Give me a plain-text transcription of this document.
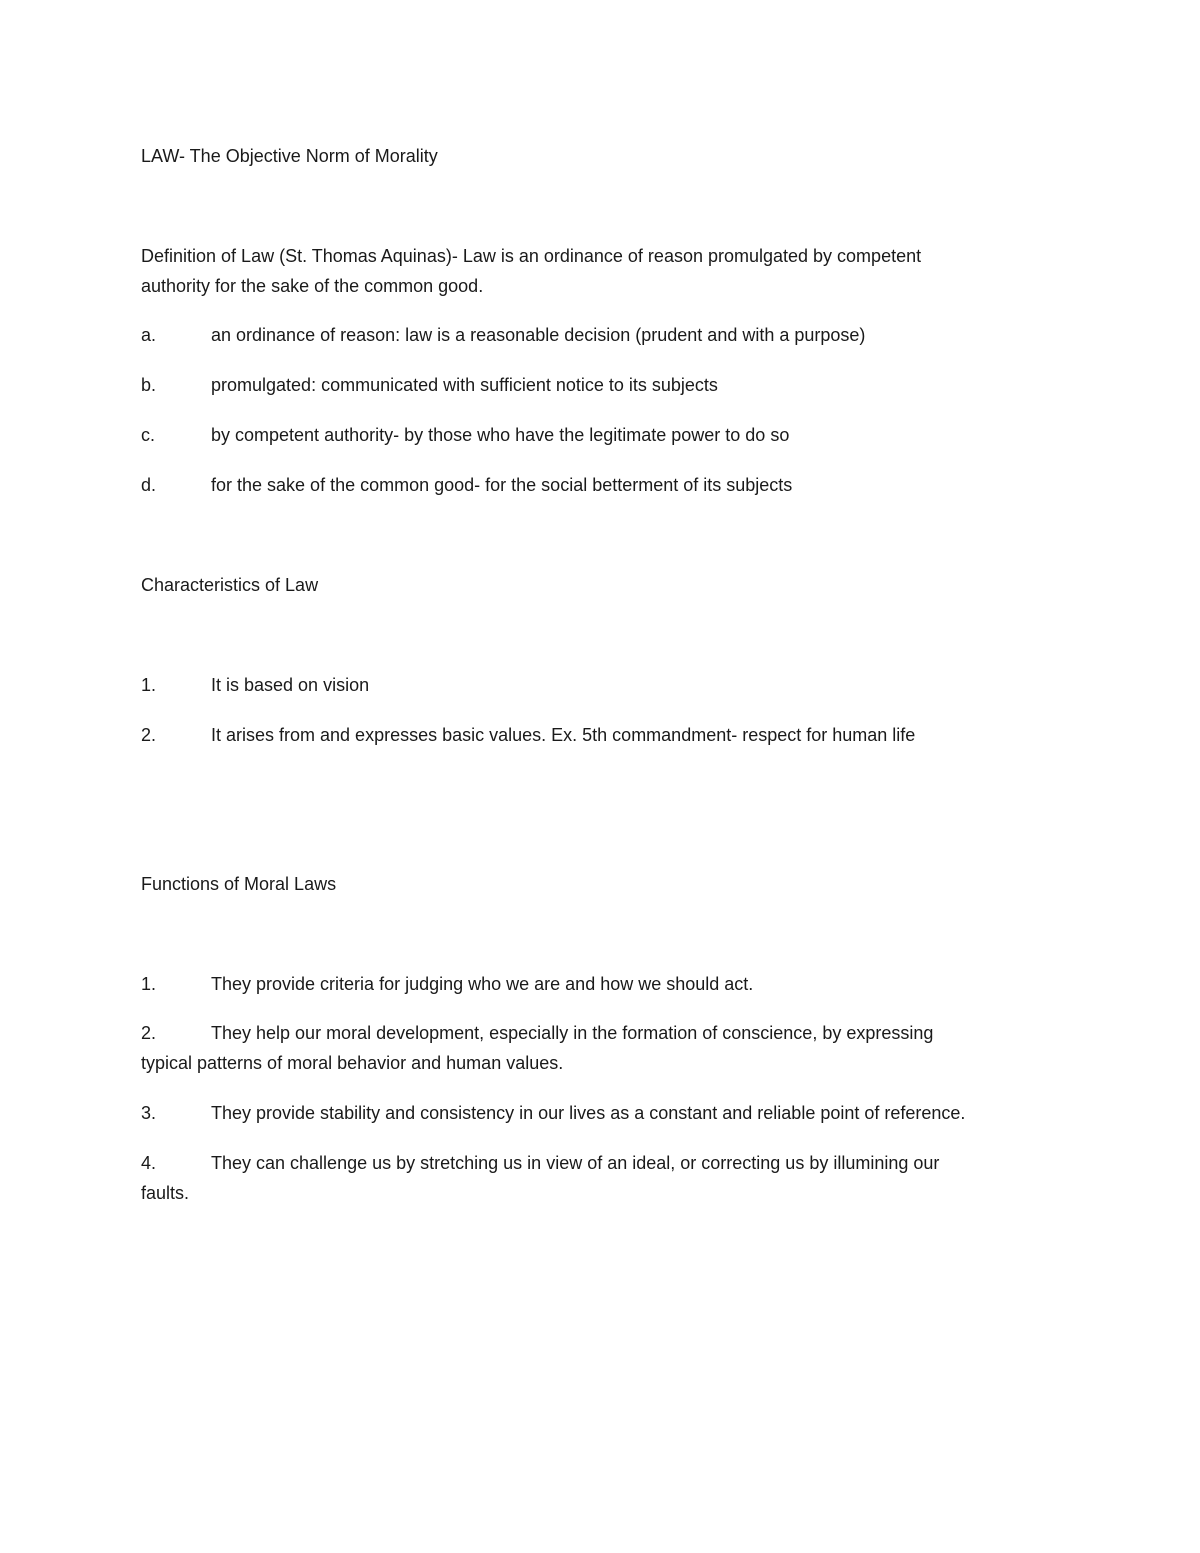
LAW- The Objective Norm of Morality

Definition of Law (St. Thomas Aquinas)- Law is an ordinance of reason promulgated by competent

authority for the sake of the common good.

a.	an ordinance of reason: law is a reasonable decision (prudent and with a purpose)
b.	promulgated: communicated with sufficient notice to its subjects
c.	by competent authority- by those who have the legitimate power to do so
d.	for the sake of the common good- for the social betterment of its subjects

Characteristics of Law

1.	It is based on vision
2.	It arises from and expresses basic values. Ex. 5th commandment- respect for human life

Functions of Moral Laws

1.	They provide criteria for judging who we are and how we should act.
2.	They help our moral development, especially in the formation of conscience, by expressing

typical patterns of moral behavior and human values.

3.	They provide stability and consistency in our lives as a constant and reliable point of reference.
4.	They can challenge us by stretching us in view of an ideal, or correcting us by illumining our

faults.
